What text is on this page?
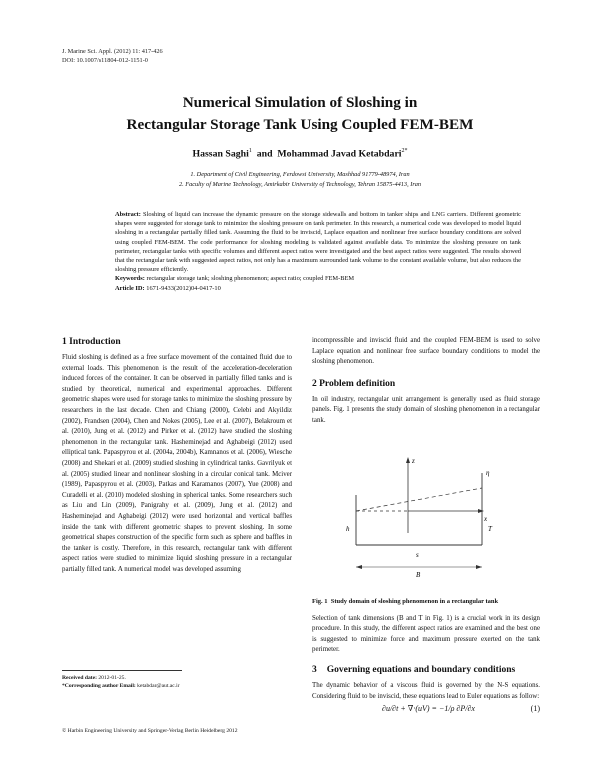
J. Marine Sci. Appl. (2012) 11: 417-426
DOI: 10.1007/s11804-012-1151-0
Numerical Simulation of Sloshing in
Rectangular Storage Tank Using Coupled FEM-BEM
Hassan Saghi$^1$ and Mohammad Javad Ketabdari$^{2*}$
1. Department of Civil Engineering, Ferdowsi University, Mashhad 91779-48974, Iran
2. Faculty of Marine Technology, Amirkabir University of Technology, Tehran 15875-4413, Iran

Abstract: Sloshing of liquid can increase the dynamic pressure on the storage sidewalls and bottom in tanker ships and LNG carriers. Different geometric shapes were suggested for storage tank to minimize the sloshing pressure on tank perimeter. In this research, a numerical code was developed to model liquid sloshing in a rectangular partially filled tank. Assuming the fluid to be inviscid, Laplace equation and nonlinear free surface boundary conditions are solved using coupled FEM-BEM. The code performance for sloshing modeling is validated against available data. To minimize the sloshing pressure on tank perimeter, rectangular tanks with specific volumes and different aspect ratios were investigated and the best aspect ratios were suggested. The results showed that the rectangular tank with suggested aspect ratios, not only has a maximum surrounded tank volume to the constant available volume, but also reduces the sloshing pressure efficiently.

Keywords: rectangular storage tank; sloshing phenomenon; aspect ratio; coupled FEM-BEM

Article ID: 1671-9433(2012)04-0417-10

1 Introduction

Fluid sloshing is defined as a free surface movement of the contained fluid due to external loads. This phenomenon is the result of the acceleration-deceleration induced forces of the container. It can be observed in partially filled tanks and is studied by theoretical, numerical and experimental approaches. Different geometric shapes were used for storage tanks to minimize the sloshing pressure by researchers in the last decade. Chen and Chiang (2000), Celebi and Akyildiz (2002), Frandsen (2004), Chen and Nokes (2005), Lee et al. (2007), Belakroum et al. (2010), Jung et al. (2012) and Pirker et al. (2012) have studied the sloshing phenomenon in the rectangular tank. Hasheminejad and Aghabeigi (2012) used elliptical tank. Papaspyrou et al. (2004a, 2004b), Kamnanos et al. (2006), Wiesche (2008) and Shekari et al. (2009) studied sloshing in cylindrical tanks. Gavrilyuk et al. (2005) studied linear and nonlinear sloshing in a circular conical tank. Mciver (1989), Papaspyrou et al. (2003), Patkas and Karamanos (2007), Yue (2008) and Curadelli et al. (2010) modeled sloshing in spherical tanks. Some researchers such as Liu and Lin (2009), Panigrahy et al. (2009), Jung et al. (2012) and Hasheminejad and Aghabeigi (2012) were used horizontal and vertical baffles inside the tank with different geometric shapes to prevent sloshing. In some geometrical shapes construction of the specific form such as sphere and baffles in the tanker is costly. Therefore, in this research, rectangular tank with different aspect ratios were studied to minimize liquid sloshing pressure in a rectangular partially filled tank. A numerical model was developed assuming

incompressible and inviscid fluid and the coupled FEM-BEM is used to solve Laplace equation and nonlinear free surface boundary conditions to model the sloshing phenomenon.

2 Problem definition

In oil industry, rectangular unit arrangement is generally used as fluid storage panels. Fig. 1 presents the study domain of sloshing phenomenon in a rectangular tank.

z
x
h
η
s
B
T
Fig. 1 Study domain of sloshing phenomenon in a rectangular tank

Selection of tank dimensions (B and T in Fig. 1) is a crucial work in its design procedure. In this study, the different aspect ratios are examined and the best one is suggested to minimize force and maximum pressure exerted on the tank perimeter.

3 Governing equations and boundary conditions

The dynamic behavior of a viscous fluid is governed by the N-S equations. Considering fluid to be inviscid, these equations lead to Euler equations as follow:

∂u/∂t + ∇·(uV) = −1/ρ ∂P/∂x	(1)
Received date: 2012-01-25.
*Corresponding author Email: ketabdar@aut.ac.ir
© Harbin Engineering University and Springer-Verlag Berlin Heidelberg 2012
